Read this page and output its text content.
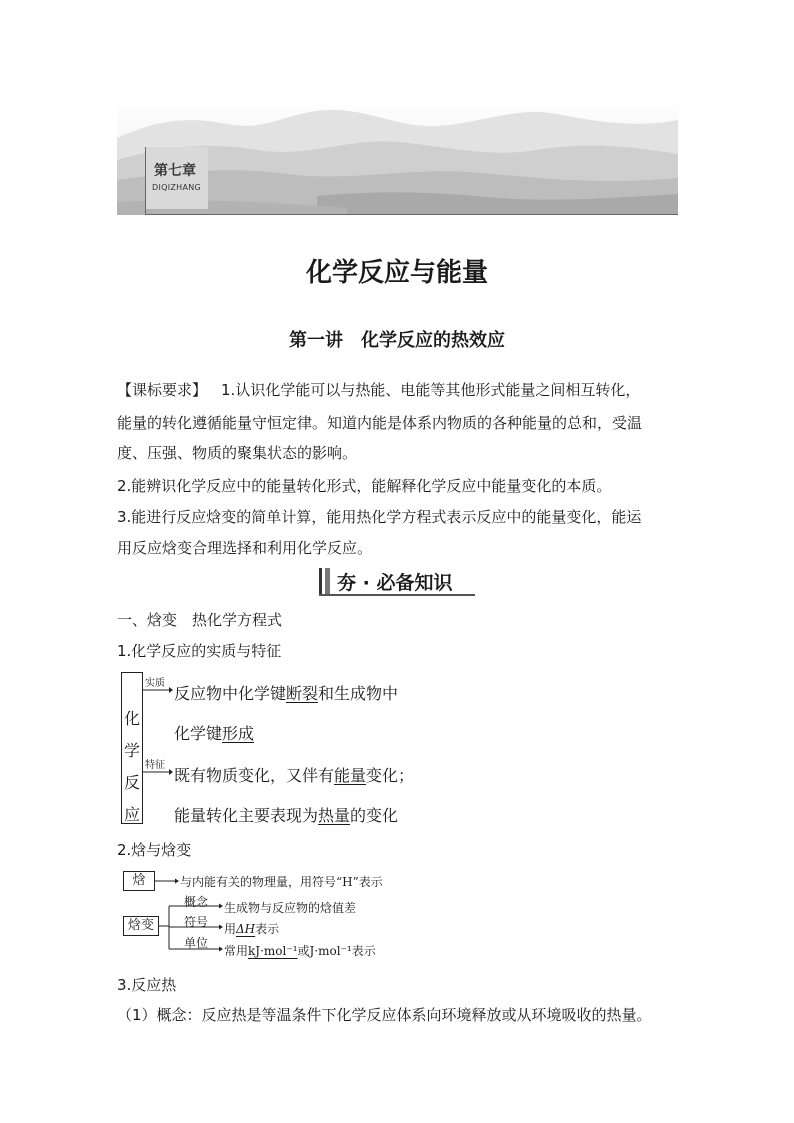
第七章
DIQIZHANG
化学反应与能量
第一讲　化学反应的热效应
【课标要求】 1.认识化学能可以与热能、电能等其他形式能量之间相互转化，
能量的转化遵循能量守恒定律。知道内能是体系内物质的各种能量的总和，受温
度、压强、物质的聚集状态的影响。
2.能辨识化学反应中的能量转化形式，能解释化学反应中能量变化的本质。
3.能进行反应焓变的简单计算，能用热化学方程式表示反应中的能量变化，能运
用反应焓变合理选择和利用化学反应。
夯 · 必备知识
一、焓变　热化学方程式
1.化学反应的实质与特征
化
学
反
应
实质
特征
反应物中化学键断裂和生成物中
化学键形成
既有物质变化，又伴有能量变化；
能量转化主要表现为热量的变化
2.焓与焓变
焓
焓变
与内能有关的物理量，用符号“H”表示
概念 生成物与反应物的焓值差
符号 用ΔH表示
单位
常用kJ·mol⁻¹或J·mol⁻¹表示
3.反应热
（1）概念：反应热是等温条件下化学反应体系向环境释放或从环境吸收的热量。
